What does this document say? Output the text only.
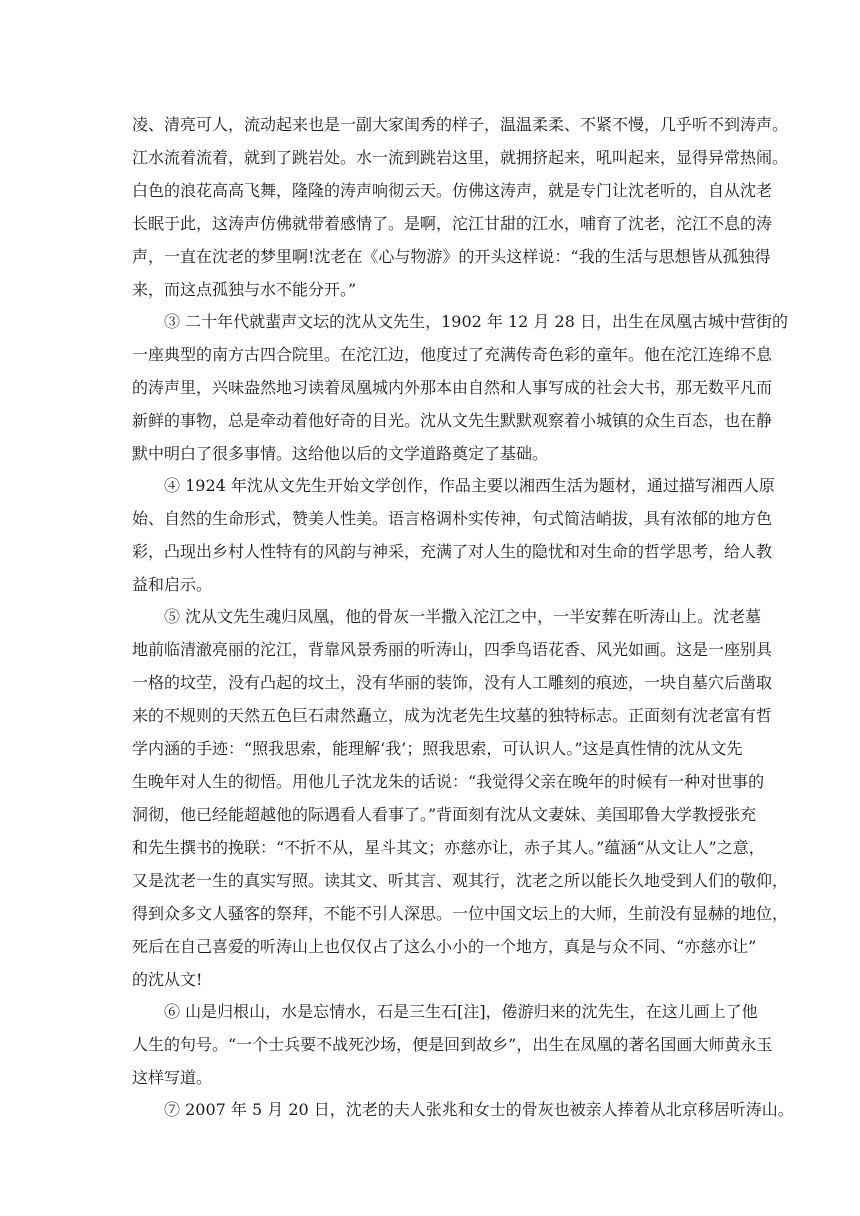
凌、清亮可人，流动起来也是一副大家闺秀的样子，温温柔柔、不紧不慢，几乎听不到涛声。
江水流着流着，就到了跳岩处。水一流到跳岩这里，就拥挤起来，吼叫起来，显得异常热闹。
白色的浪花高高飞舞，隆隆的涛声响彻云天。仿佛这涛声，就是专门让沈老听的，自从沈老
长眠于此，这涛声仿佛就带着感情了。是啊，沱江甘甜的江水，哺育了沈老，沱江不息的涛
声，一直在沈老的梦里啊!沈老在《心与物游》的开头这样说：“我的生活与思想皆从孤独得
来，而这点孤独与水不能分开。”
③ 二十年代就蜚声文坛的沈从文先生，1902 年 12 月 28 日，出生在凤凰古城中营街的
一座典型的南方古四合院里。在沱江边，他度过了充满传奇色彩的童年。他在沱江连绵不息
的涛声里，兴味盎然地习读着凤凰城内外那本由自然和人事写成的社会大书，那无数平凡而
新鲜的事物，总是牵动着他好奇的目光。沈从文先生默默观察着小城镇的众生百态，也在静
默中明白了很多事情。这给他以后的文学道路奠定了基础。
④ 1924 年沈从文先生开始文学创作，作品主要以湘西生活为题材，通过描写湘西人原
始、自然的生命形式，赞美人性美。语言格调朴实传神，句式简洁峭拔，具有浓郁的地方色
彩，凸现出乡村人性特有的风韵与神采，充满了对人生的隐忧和对生命的哲学思考，给人教
益和启示。
⑤ 沈从文先生魂归凤凰，他的骨灰一半撒入沱江之中，一半安葬在听涛山上。沈老墓
地前临清澈亮丽的沱江，背靠风景秀丽的听涛山，四季鸟语花香、风光如画。这是一座别具
一格的坟茔，没有凸起的坟土，没有华丽的装饰，没有人工雕刻的痕迹，一块自墓穴后凿取
来的不规则的天然五色巨石肃然矗立，成为沈老先生坟墓的独特标志。正面刻有沈老富有哲
学内涵的手迹：“照我思索，能理解‘我’；照我思索，可认识人。”这是真性情的沈从文先
生晚年对人生的彻悟。用他儿子沈龙朱的话说：“我觉得父亲在晚年的时候有一种对世事的
洞彻，他已经能超越他的际遇看人看事了。”背面刻有沈从文妻妹、美国耶鲁大学教授张充
和先生撰书的挽联：“不折不从，星斗其文；亦慈亦让，赤子其人。”蕴涵“从文让人”之意，
又是沈老一生的真实写照。读其文、听其言、观其行，沈老之所以能长久地受到人们的敬仰，
得到众多文人骚客的祭拜，不能不引人深思。一位中国文坛上的大师，生前没有显赫的地位，
死后在自己喜爱的听涛山上也仅仅占了这么小小的一个地方，真是与众不同、“亦慈亦让”
的沈从文!
⑥ 山是归根山，水是忘情水，石是三生石[注]，倦游归来的沈先生，在这儿画上了他
人生的句号。“一个士兵要不战死沙场，便是回到故乡”，出生在凤凰的著名国画大师黄永玉
这样写道。
⑦ 2007 年 5 月 20 日，沈老的夫人张兆和女士的骨灰也被亲人捧着从北京移居听涛山。
